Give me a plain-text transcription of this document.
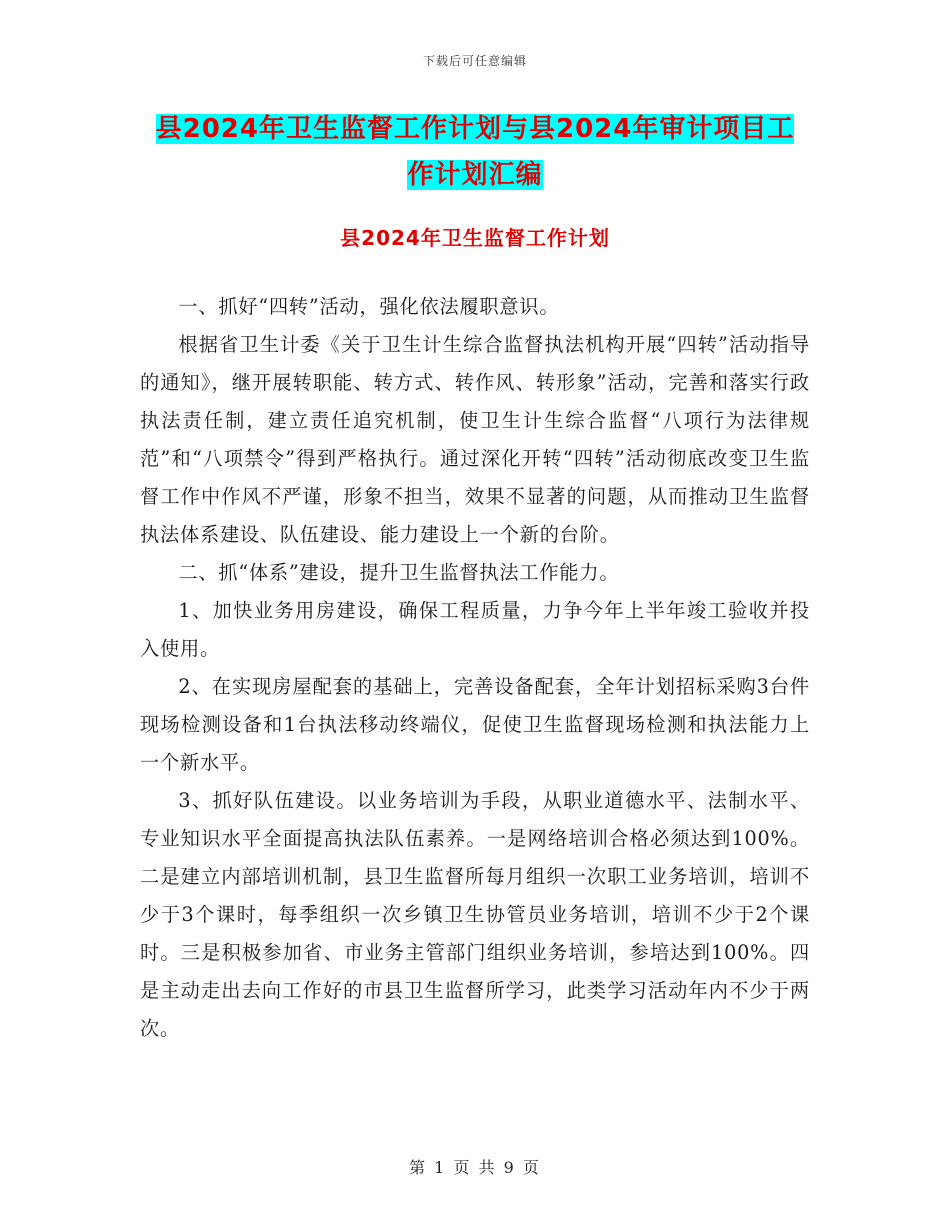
下载后可任意编辑
县2024年卫生监督工作计划与县2024年审计项目工
作计划汇编
县2024年卫生监督工作计划

一、抓好“四转”活动，强化依法履职意识。

根据省卫生计委《关于卫生计生综合监督执法机构开展“四转”活动指导的通知》，继开展转职能、转方式、转作风、转形象”活动，完善和落实行政执法责任制，建立责任追究机制，使卫生计生综合监督“八项行为法律规范”和“八项禁令”得到严格执行。通过深化开转“四转”活动彻底改变卫生监督工作中作风不严谨，形象不担当，效果不显著的问题，从而推动卫生监督执法体系建设、队伍建设、能力建设上一个新的台阶。

二、抓“体系”建设，提升卫生监督执法工作能力。

1、加快业务用房建设，确保工程质量，力争今年上半年竣工验收并投入使用。

2、在实现房屋配套的基础上，完善设备配套，全年计划招标采购3台件现场检测设备和1台执法移动终端仪，促使卫生监督现场检测和执法能力上一个新水平。

3、抓好队伍建设。以业务培训为手段，从职业道德水平、法制水平、专业知识水平全面提高执法队伍素养。一是网络培训合格必须达到100%。二是建立内部培训机制，县卫生监督所每月组织一次职工业务培训，培训不少于3个课时，每季组织一次乡镇卫生协管员业务培训，培训不少于2个课时。三是积极参加省、市业务主管部门组织业务培训，参培达到100%。四是主动走出去向工作好的市县卫生监督所学习，此类学习活动年内不少于两次。

第 1 页 共 9 页
